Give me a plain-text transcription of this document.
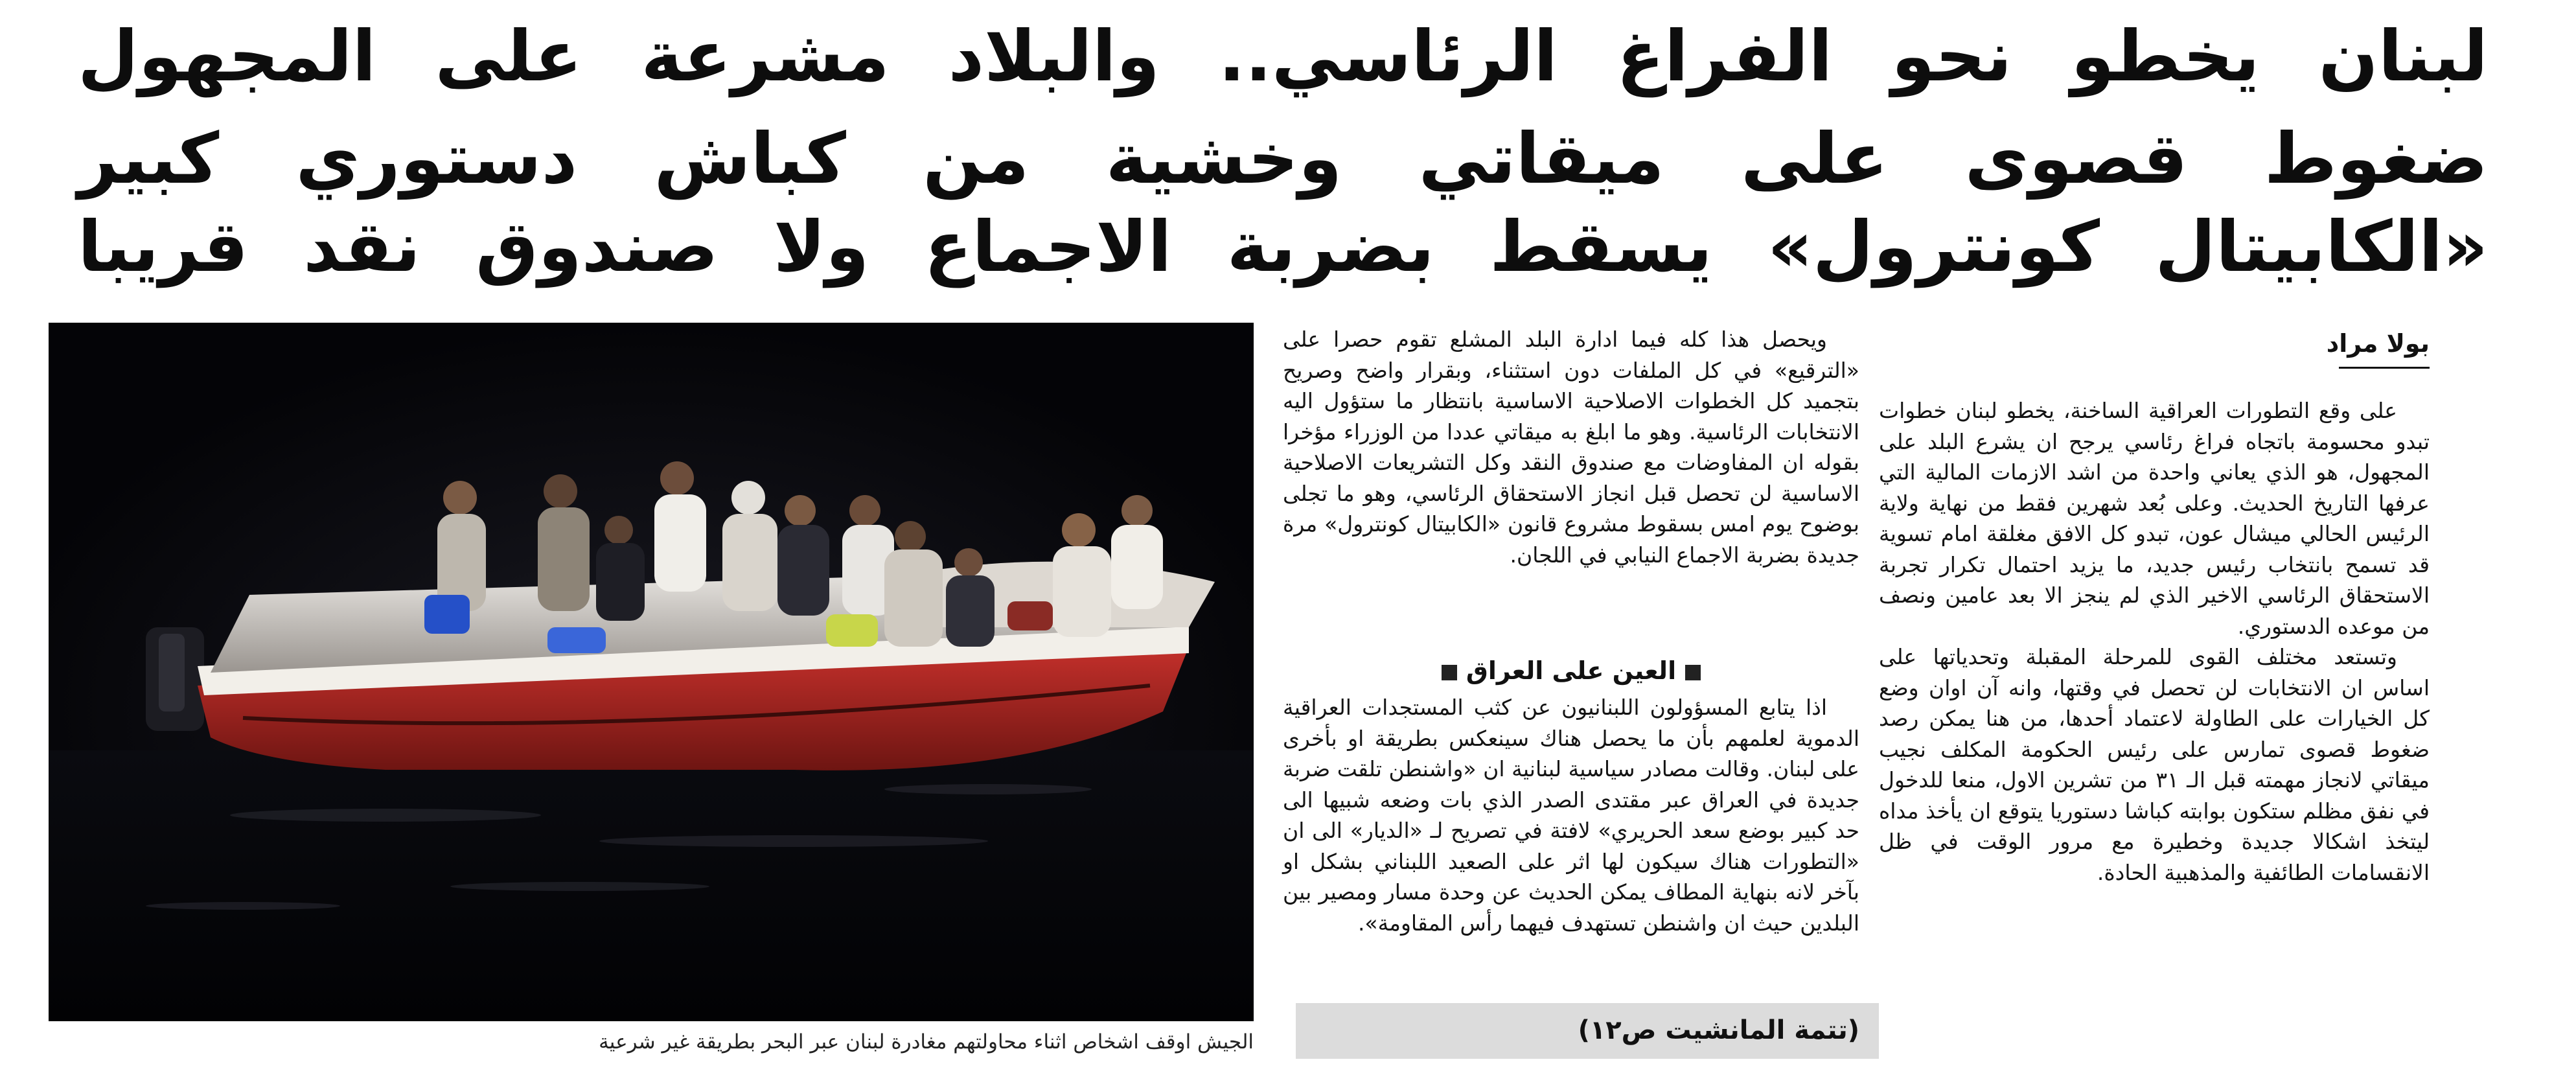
لبنان يخطو نحو الفراغ الرئاسي.. والبلاد مشرعة على المجهول
ضغوط قصوى على ميقاتي وخشية من كباش دستوري كبير
«الكابيتال كونترول» يسقط بضربة الاجماع ولا صندوق نقد قريبا
بولا مراد

على وقع التطورات العراقية الساخنة، يخطو لبنان خطوات تبدو محسومة باتجاه فراغ رئاسي يرجح ان يشرع البلد على المجهول، هو الذي يعاني واحدة من اشد الازمات المالية التي عرفها التاريخ الحديث. وعلى بُعد شهرين فقط من نهاية ولاية الرئيس الحالي ميشال عون، تبدو كل الافق مغلقة امام تسوية قد تسمح بانتخاب رئيس جديد، ما يزيد احتمال تكرار تجربة الاستحقاق الرئاسي الاخير الذي لم ينجز الا بعد عامين ونصف من موعده الدستوري.

وتستعد مختلف القوى للمرحلة المقبلة وتحدياتها على اساس ان الانتخابات لن تحصل في وقتها، وانه آن اوان وضع كل الخيارات على الطاولة لاعتماد أحدها، من هنا يمكن رصد ضغوط قصوى تمارس على رئيس الحكومة المكلف نجيب ميقاتي لانجاز مهمته قبل الـ ٣١ من تشرين الاول، منعا للدخول في نفق مظلم ستكون بوابته كباشا دستوريا يتوقع ان يأخذ مداه ليتخذ اشكالا جديدة وخطيرة مع مرور الوقت في ظل الانقسامات الطائفية والمذهبية الحادة.

ويحصل هذا كله فيما ادارة البلد المشلع تقوم حصرا على «الترقيع» في كل الملفات دون استثناء، وبقرار واضح وصريح بتجميد كل الخطوات الاصلاحية الاساسية بانتظار ما ستؤول اليه الانتخابات الرئاسية. وهو ما ابلغ به ميقاتي عددا من الوزراء مؤخرا بقوله ان المفاوضات مع صندوق النقد وكل التشريعات الاصلاحية الاساسية لن تحصل قبل انجاز الاستحقاق الرئاسي، وهو ما تجلى بوضوح يوم امس بسقوط مشروع قانون «الكابيتال كونترول» مرة جديدة بضربة الاجماع النيابي في اللجان.

العين على العراق

اذا يتابع المسؤولون اللبنانيون عن كثب المستجدات العراقية الدموية لعلمهم بأن ما يحصل هناك سينعكس بطريقة او بأخرى على لبنان. وقالت مصادر سياسية لبنانية ان «واشنطن تلقت ضربة جديدة في العراق عبر مقتدى الصدر الذي بات وضعه شبيها الى حد كبير بوضع سعد الحريري» لافتة في تصريح لـ «الديار» الى ان «التطورات هناك سيكون لها اثر على الصعيد اللبناني بشكل او بآخر لانه بنهاية المطاف يمكن الحديث عن وحدة مسار ومصير بين البلدين حيث ان واشنطن تستهدف فيهما رأس المقاومة».

(تتمة المانشيت ص١٢)
الجيش اوقف اشخاص اثناء محاولتهم مغادرة لبنان عبر البحر بطريقة غير شرعية
